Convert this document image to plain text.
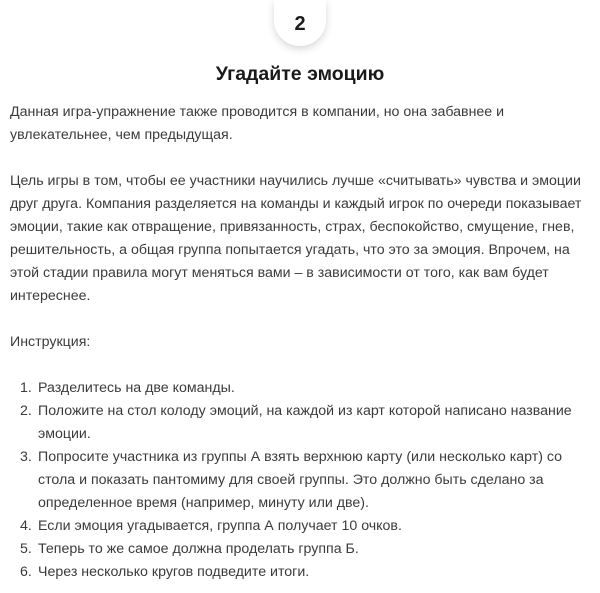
2
Угадайте эмоцию

Данная игра-упражнение также проводится в компании, но она забавнее и увлекательнее, чем предыдущая.

Цель игры в том, чтобы ее участники научились лучше «считывать» чувства и эмоции друг друга. Компания разделяется на команды и каждый игрок по очереди показывает эмоции, такие как отвращение, привязанность, страх, беспокойство, смущение, гнев, решительность, а общая группа попытается угадать, что это за эмоция. Впрочем, на этой стадии правила могут меняться вами – в зависимости от того, как вам будет интереснее.

Инструкция:

1. Разделитесь на две команды.
2. Положите на стол колоду эмоций, на каждой из карт которой написано название эмоции.
3. Попросите участника из группы А взять верхнюю карту (или несколько карт) со стола и показать пантомиму для своей группы. Это должно быть сделано за определенное время (например, минуту или две).
4. Если эмоция угадывается, группа А получает 10 очков.
5. Теперь то же самое должна проделать группа Б.
6. Через несколько кругов подведите итоги.
